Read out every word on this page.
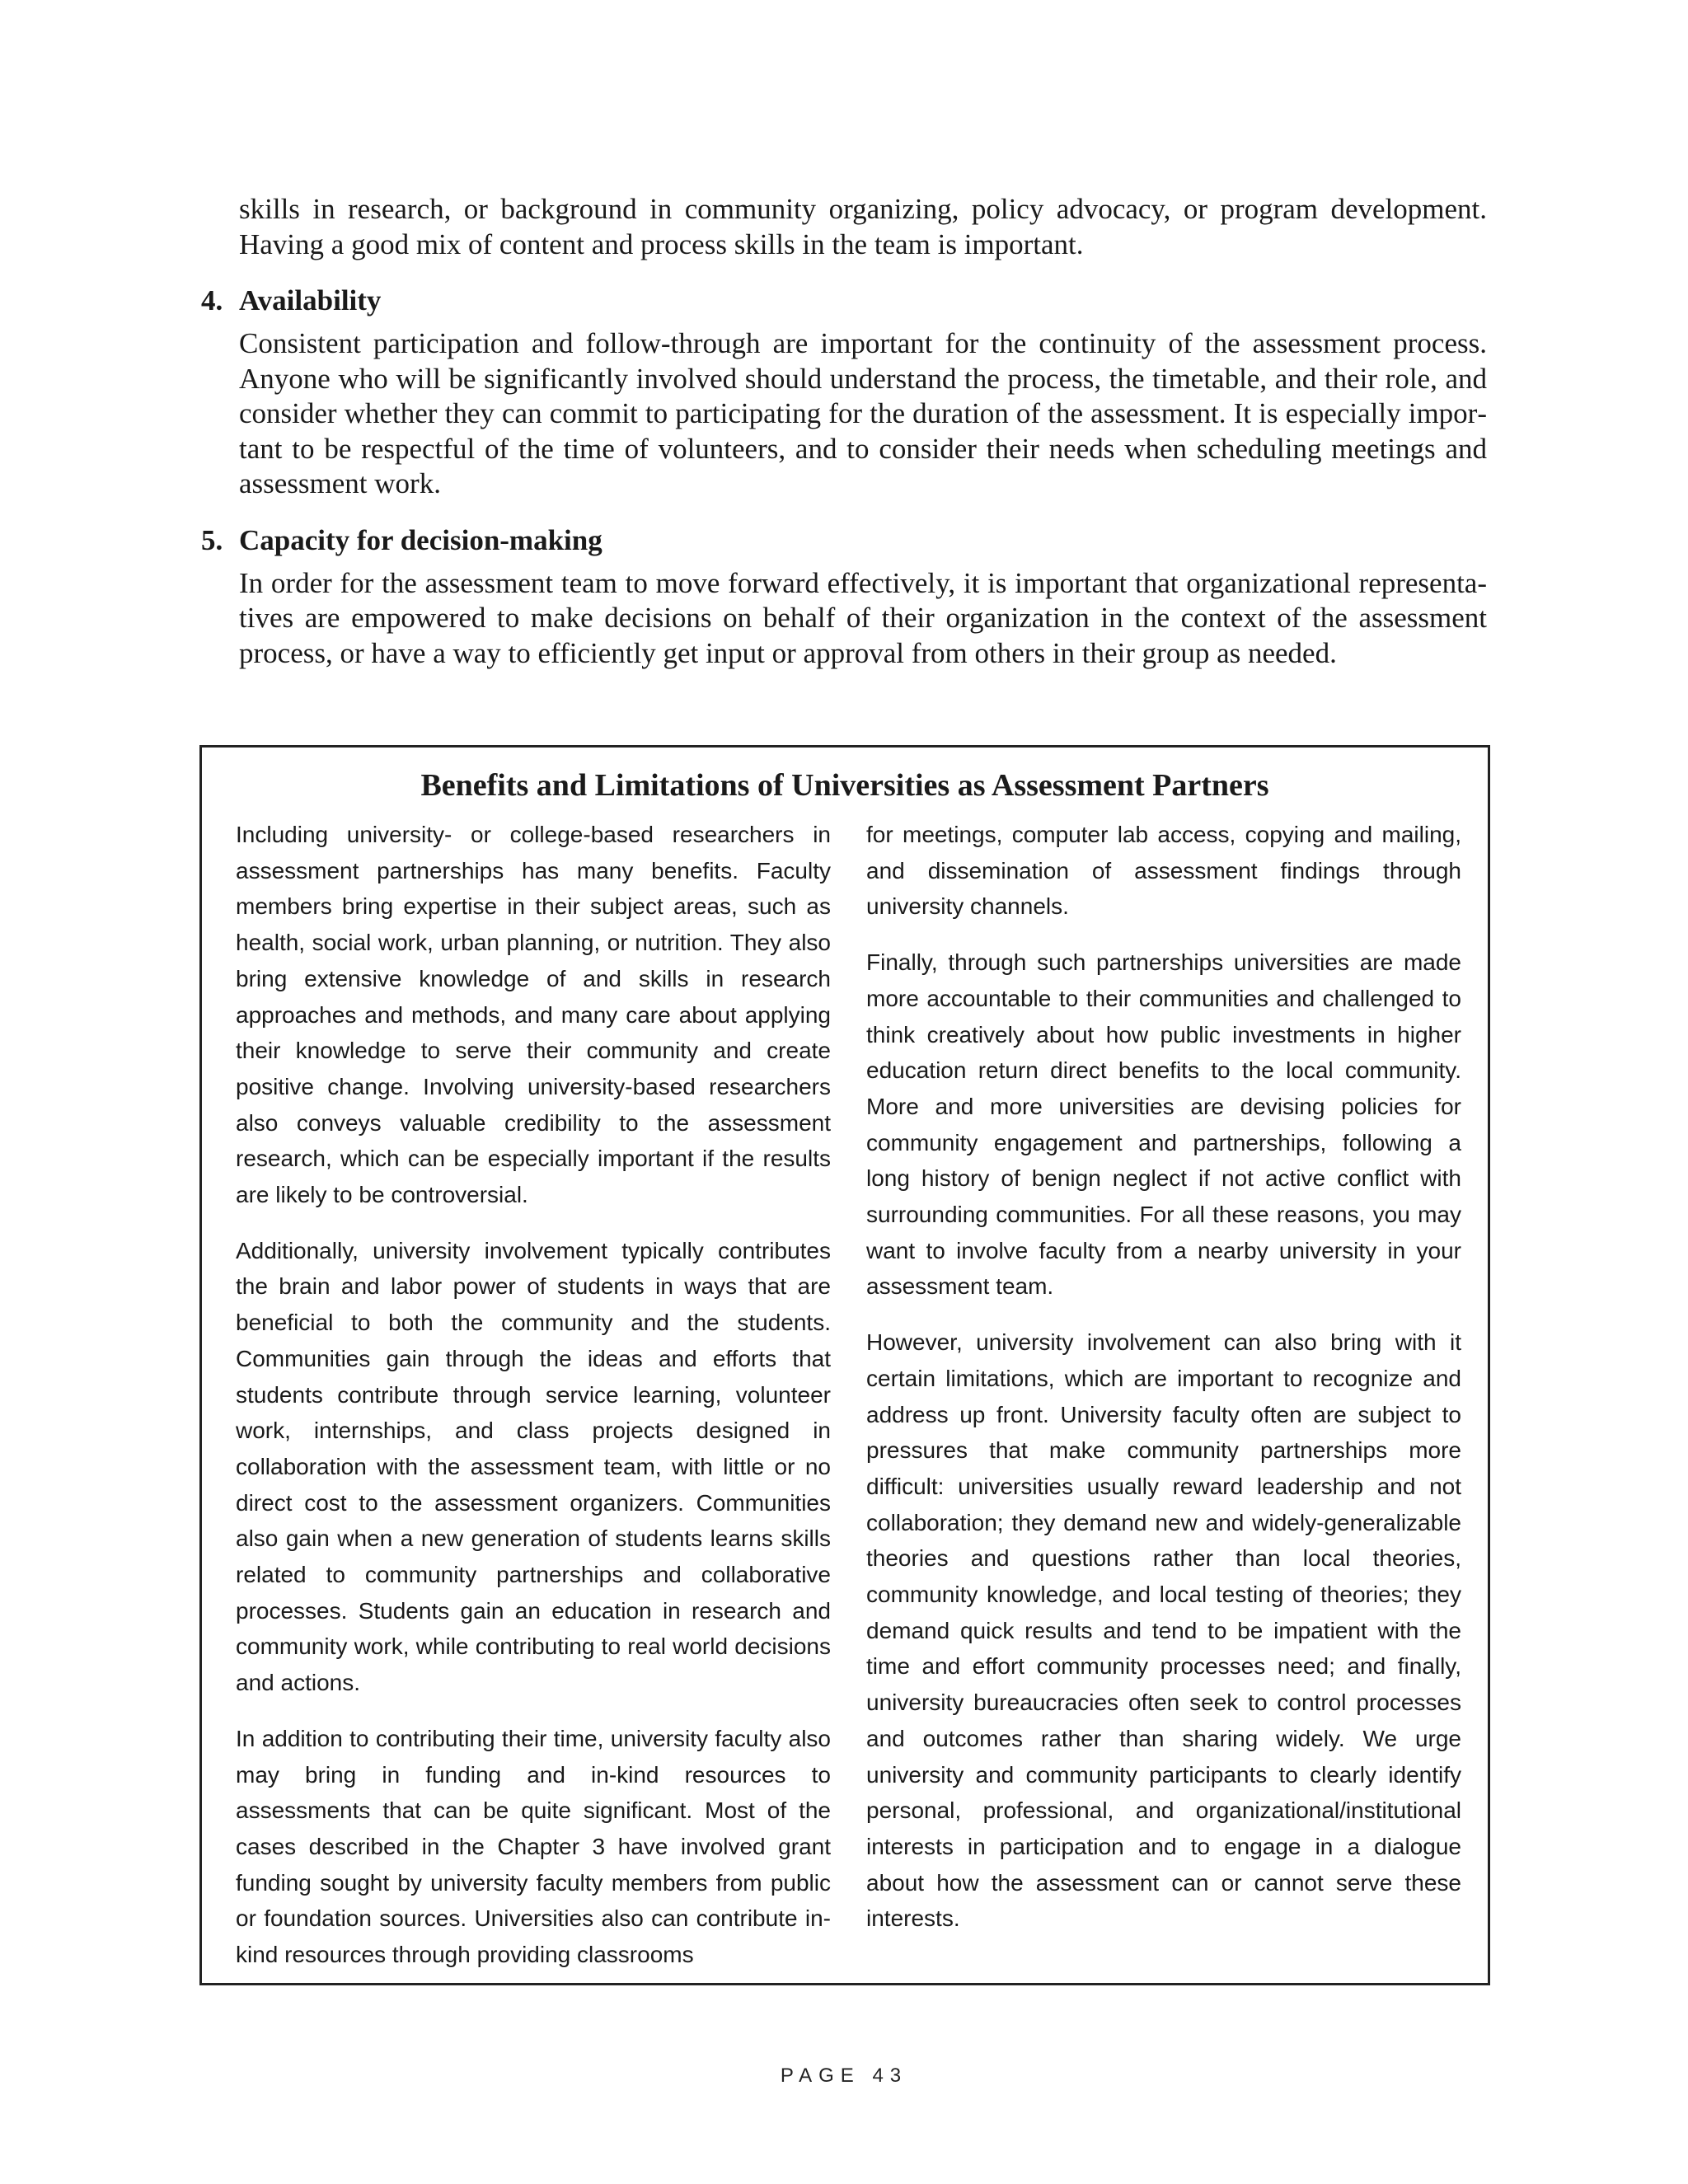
skills in research, or background in community organizing, policy advocacy, or program development. Having a good mix of content and process skills in the team is important.

4. Availability

Consistent participation and follow-through are important for the continuity of the assessment process. Anyone who will be significantly involved should understand the process, the timetable, and their role, and consider whether they can commit to participating for the duration of the assessment. It is especially important to be respectful of the time of volunteers, and to consider their needs when scheduling meetings and assessment work.

5. Capacity for decision-making

In order for the assessment team to move forward effectively, it is important that organizational representatives are empowered to make decisions on behalf of their organization in the context of the assessment process, or have a way to efficiently get input or approval from others in their group as needed.

Benefits and Limitations of Universities as Assessment Partners

Including university- or college-based researchers in assessment partnerships has many benefits. Faculty members bring expertise in their subject areas, such as health, social work, urban planning, or nutrition. They also bring extensive knowledge of and skills in research approaches and methods, and many care about applying their knowledge to serve their community and create positive change. Involving university-based researchers also conveys valuable credibility to the assessment research, which can be especially important if the results are likely to be controversial.

Additionally, university involvement typically contributes the brain and labor power of students in ways that are beneficial to both the community and the students. Communities gain through the ideas and efforts that students contribute through service learning, volunteer work, internships, and class projects designed in collaboration with the assessment team, with little or no direct cost to the assessment organizers. Communities also gain when a new generation of students learns skills related to community partnerships and collaborative processes. Students gain an education in research and community work, while contributing to real world decisions and actions.

In addition to contributing their time, university faculty also may bring in funding and in-kind resources to assessments that can be quite significant. Most of the cases described in the Chapter 3 have involved grant funding sought by university faculty members from public or foundation sources. Universities also can contribute in-kind resources through providing classrooms

for meetings, computer lab access, copying and mailing, and dissemination of assessment findings through university channels.

Finally, through such partnerships universities are made more accountable to their communities and challenged to think creatively about how public investments in higher education return direct benefits to the local community. More and more universities are devising policies for community engagement and partnerships, following a long history of benign neglect if not active conflict with surrounding communities. For all these reasons, you may want to involve faculty from a nearby university in your assessment team.

However, university involvement can also bring with it certain limitations, which are important to recognize and address up front. University faculty often are subject to pressures that make community partnerships more difficult: universities usually reward leadership and not collaboration; they demand new and widely-generalizable theories and questions rather than local theories, community knowledge, and local testing of theories; they demand quick results and tend to be impatient with the time and effort community processes need; and finally, university bureaucracies often seek to control processes and outcomes rather than sharing widely. We urge university and community participants to clearly identify personal, professional, and organizational/institutional interests in participation and to engage in a dialogue about how the assessment can or cannot serve these interests.

PAGE 43
